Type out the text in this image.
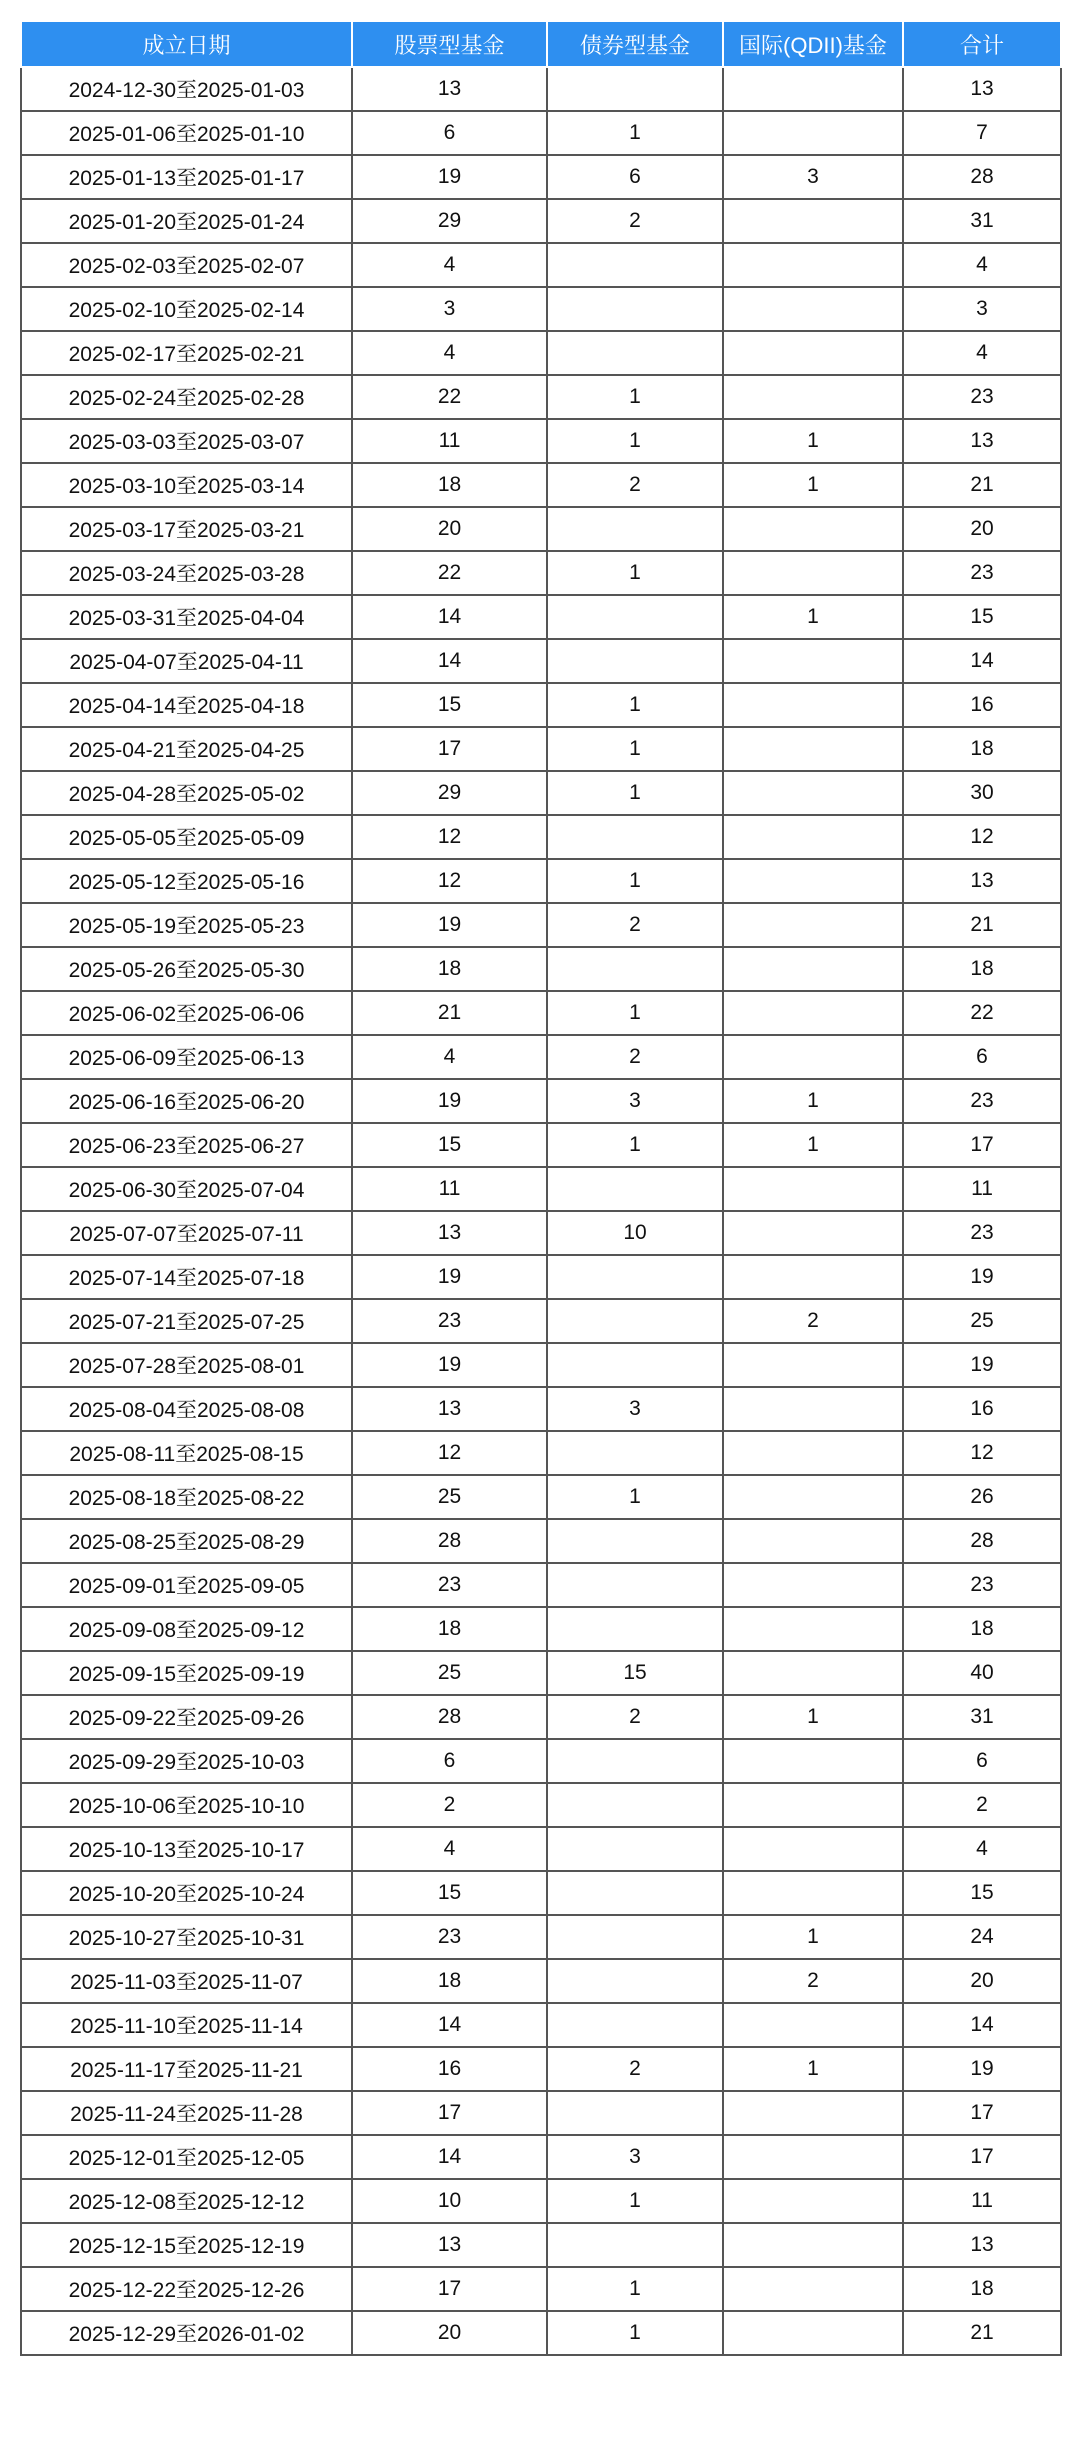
成立日期	股票型基金	债券型基金	国际(QDII)基金	合计
2024-12-30至2025-01-03	13			13
2025-01-06至2025-01-10	6	1		7
2025-01-13至2025-01-17	19	6	3	28
2025-01-20至2025-01-24	29	2		31
2025-02-03至2025-02-07	4			4
2025-02-10至2025-02-14	3			3
2025-02-17至2025-02-21	4			4
2025-02-24至2025-02-28	22	1		23
2025-03-03至2025-03-07	11	1	1	13
2025-03-10至2025-03-14	18	2	1	21
2025-03-17至2025-03-21	20			20
2025-03-24至2025-03-28	22	1		23
2025-03-31至2025-04-04	14		1	15
2025-04-07至2025-04-11	14			14
2025-04-14至2025-04-18	15	1		16
2025-04-21至2025-04-25	17	1		18
2025-04-28至2025-05-02	29	1		30
2025-05-05至2025-05-09	12			12
2025-05-12至2025-05-16	12	1		13
2025-05-19至2025-05-23	19	2		21
2025-05-26至2025-05-30	18			18
2025-06-02至2025-06-06	21	1		22
2025-06-09至2025-06-13	4	2		6
2025-06-16至2025-06-20	19	3	1	23
2025-06-23至2025-06-27	15	1	1	17
2025-06-30至2025-07-04	11			11
2025-07-07至2025-07-11	13	10		23
2025-07-14至2025-07-18	19			19
2025-07-21至2025-07-25	23		2	25
2025-07-28至2025-08-01	19			19
2025-08-04至2025-08-08	13	3		16
2025-08-11至2025-08-15	12			12
2025-08-18至2025-08-22	25	1		26
2025-08-25至2025-08-29	28			28
2025-09-01至2025-09-05	23			23
2025-09-08至2025-09-12	18			18
2025-09-15至2025-09-19	25	15		40
2025-09-22至2025-09-26	28	2	1	31
2025-09-29至2025-10-03	6			6
2025-10-06至2025-10-10	2			2
2025-10-13至2025-10-17	4			4
2025-10-20至2025-10-24	15			15
2025-10-27至2025-10-31	23		1	24
2025-11-03至2025-11-07	18		2	20
2025-11-10至2025-11-14	14			14
2025-11-17至2025-11-21	16	2	1	19
2025-11-24至2025-11-28	17			17
2025-12-01至2025-12-05	14	3		17
2025-12-08至2025-12-12	10	1		11
2025-12-15至2025-12-19	13			13
2025-12-22至2025-12-26	17	1		18
2025-12-29至2026-01-02	20	1		21
